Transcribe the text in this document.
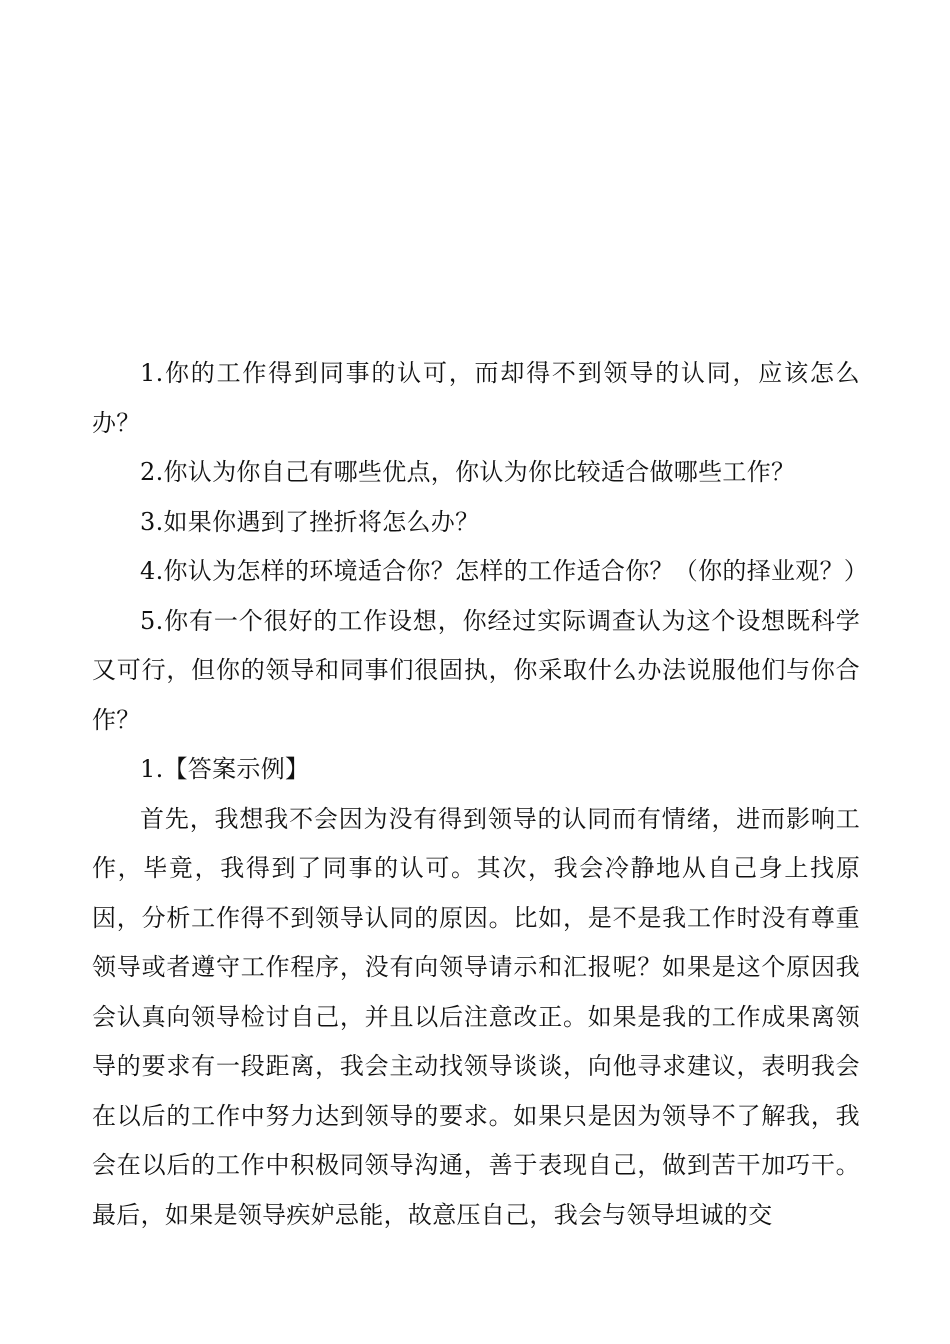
1.你的工作得到同事的认可，而却得不到领导的认同，应该怎么办？

2.你认为你自己有哪些优点，你认为你比较适合做哪些工作？

3.如果你遇到了挫折将怎么办？

4.你认为怎样的环境适合你？怎样的工作适合你？（你的择业观？）

5.你有一个很好的工作设想，你经过实际调查认为这个设想既科学又可行，但你的领导和同事们很固执，你采取什么办法说服他们与你合作？

1.【答案示例】

首先，我想我不会因为没有得到领导的认同而有情绪，进而影响工作，毕竟，我得到了同事的认可。其次，我会冷静地从自己身上找原因，分析工作得不到领导认同的原因。比如，是不是我工作时没有尊重领导或者遵守工作程序，没有向领导请示和汇报呢？如果是这个原因我会认真向领导检讨自己，并且以后注意改正。如果是我的工作成果离领导的要求有一段距离，我会主动找领导谈谈，向他寻求建议，表明我会在以后的工作中努力达到领导的要求。如果只是因为领导不了解我，我会在以后的工作中积极同领导沟通，善于表现自己，做到苦干加巧干。最后，如果是领导疾妒忌能，故意压自己，我会与领导坦诚的交
